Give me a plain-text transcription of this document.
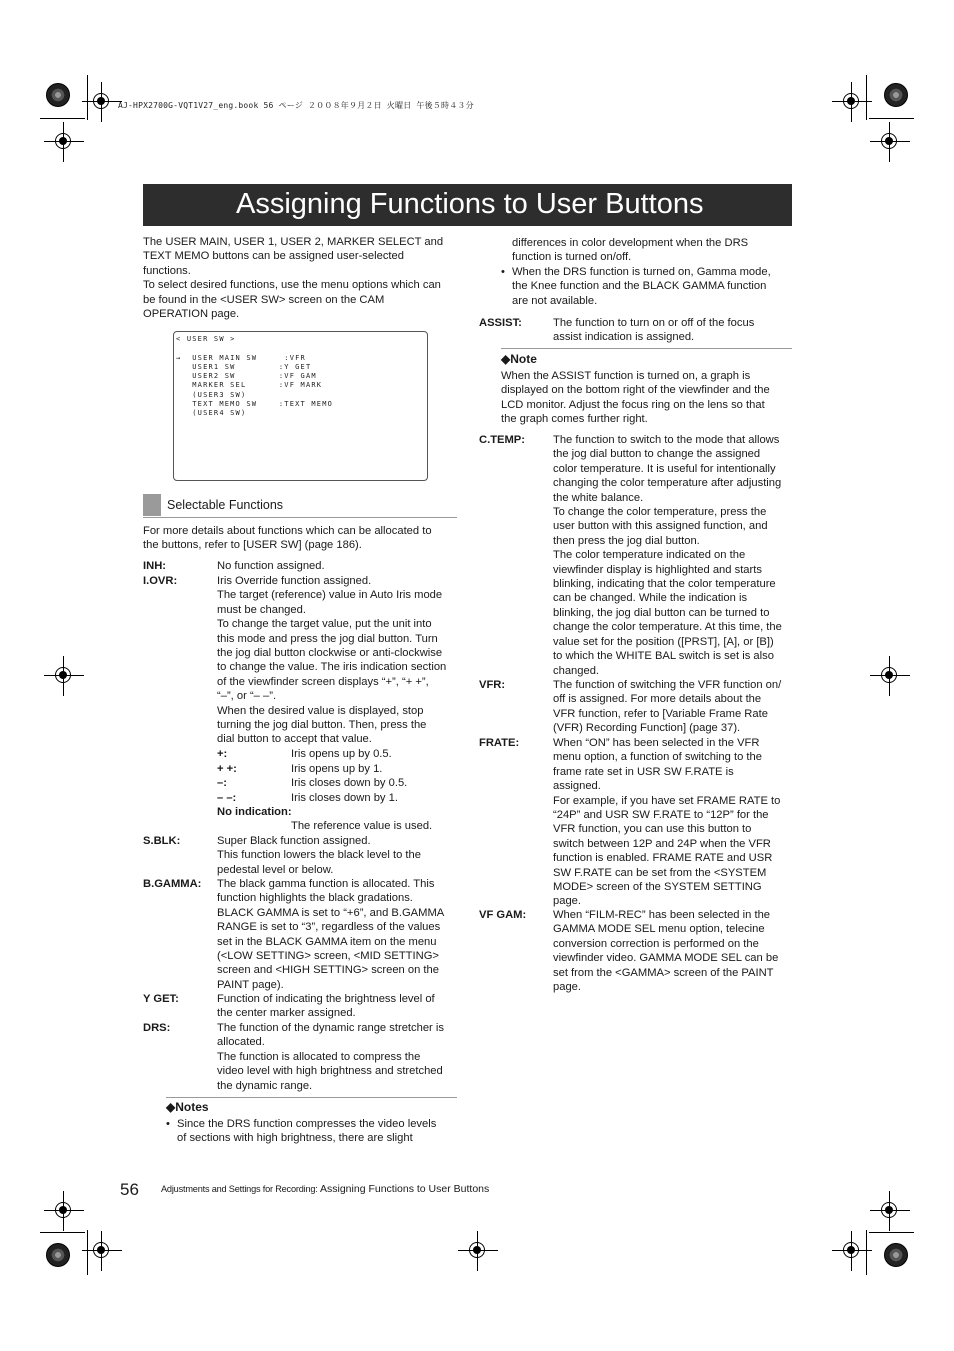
AJ-HPX2700G-VQT1V27_eng.book 56 ページ ２００８年９月２日 火曜日 午後５時４３分
Assigning Functions to User Buttons

The USER MAIN, USER 1, USER 2, MARKER SELECT and

TEXT MEMO buttons can be assigned user-selected

functions.

To select desired functions, use the menu options which can

be found in the <USER SW> screen on the CAM

OPERATION page.

< USER SW >

→  USER MAIN SW     :VFR
USER1 SW        :Y GET
USER2 SW        :VF GAM
MARKER SEL      :VF MARK
(USER3 SW)
TEXT MEMO SW    :TEXT MEMO
(USER4 SW)
Selectable Functions

For more details about functions which can be allocated to

the buttons, refer to [USER SW] (page 186).

INH:	No function assigned.

I.OVR:	Iris Override function assigned.

The target (reference) value in Auto Iris mode

must be changed.

To change the target value, put the unit into

this mode and press the jog dial button. Turn

the jog dial button clockwise or anti-clockwise

to change the value. The iris indication section

of the viewfinder screen displays “+”, “+ +”,

“–”, or “– –”.

When the desired value is displayed, stop

turning the jog dial button. Then, press the

dial button to accept that value.

+:	Iris opens up by 0.5.
+ +:	Iris opens up by 1.
–:	Iris closes down by 0.5.
– –:	Iris closes down by 1.
No indication:
The reference value is used.
S.BLK:	Super Black function assigned.

This function lowers the black level to the

pedestal level or below.

B.GAMMA: The black gamma function is allocated. This

function highlights the black gradations.

BLACK GAMMA is set to “+6”, and B.GAMMA

RANGE is set to “3”, regardless of the values

set in the BLACK GAMMA item on the menu

(<LOW SETTING> screen, <MID SETTING>

screen and <HIGH SETTING> screen on the

PAINT page).

Y GET:	Function of indicating the brightness level of

the center marker assigned.

DRS:	The function of the dynamic range stretcher is

allocated.

The function is allocated to compress the

video level with high brightness and stretched

the dynamic range.

◆Notes
• Since the DRS function compresses the video levels

of sections with high brightness, there are slight

differences in color development when the DRS

function is turned on/off.

• When the DRS function is turned on, Gamma mode,

the Knee function and the BLACK GAMMA function

are not available.

ASSIST:	The function to turn on or off of the focus

assist indication is assigned.

◆Note

When the ASSIST function is turned on, a graph is

displayed on the bottom right of the viewfinder and the

LCD monitor. Adjust the focus ring on the lens so that

the graph comes further right.

C.TEMP:	The function to switch to the mode that allows

the jog dial button to change the assigned

color temperature. It is useful for intentionally

changing the color temperature after adjusting

the white balance.

To change the color temperature, press the

user button with this assigned function, and

then press the jog dial button.

The color temperature indicated on the

viewfinder display is highlighted and starts

blinking, indicating that the color temperature

can be changed. While the indication is

blinking, the jog dial button can be turned to

change the color temperature. At this time, the

value set for the position ([PRST], [A], or [B])

to which the WHITE BAL switch is set is also

changed.

VFR:	The function of switching the VFR function on/

off is assigned. For more details about the

VFR function, refer to [Variable Frame Rate

(VFR) Recording Function] (page 37).

FRATE:	When “ON” has been selected in the VFR

menu option, a function of switching to the

frame rate set in USR SW F.RATE is

assigned.

For example, if you have set FRAME RATE to

“24P” and USR SW F.RATE to “12P” for the

VFR function, you can use this button to

switch between 12P and 24P when the VFR

function is enabled. FRAME RATE and USR

SW F.RATE can be set from the <SYSTEM

MODE> screen of the SYSTEM SETTING

page.

VF GAM: When “FILM-REC” has been selected in the

GAMMA MODE SEL menu option, telecine

conversion correction is performed on the

viewfinder video. GAMMA MODE SEL can be

set from the <GAMMA> screen of the PAINT

page.

56 Adjustments and Settings for Recording: Assigning Functions to User Buttons
